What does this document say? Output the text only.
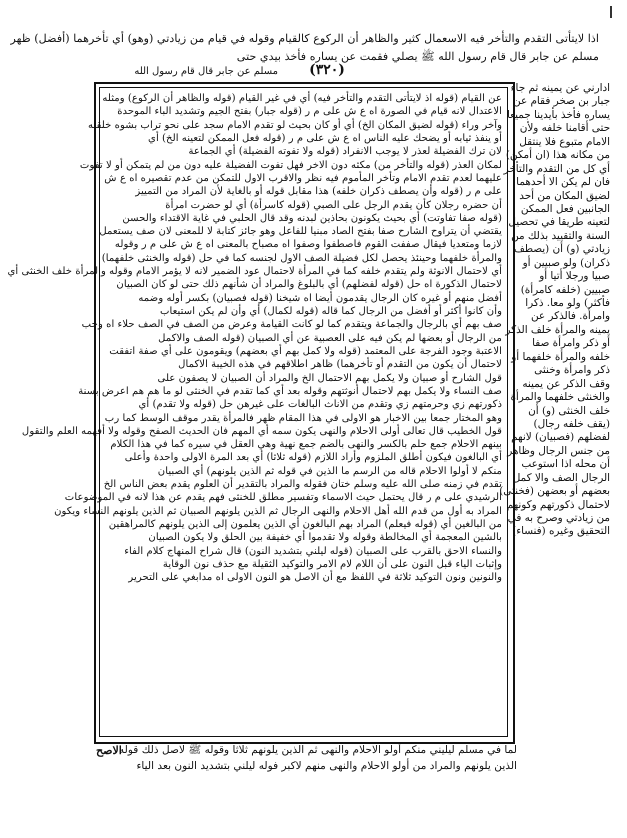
اذا لايتأتى التقدم والتأخر فيه الاسعمال كثير والظاهر أن الركوع كالقيام وقوله في قيام من زيادتي (وهو) أي تأخرهما (أفضل) ظهر
مسلم عن جابر قال قام رسول الله ﷺ يصلي فقمت عن يساره فأخذ بيدي حتى
مسلم عن جابر قال قام رسول الله	(٣٢٠)
عن القيام (قوله اذ لايتأتى التقدم والتأخر فيه) أي في غير القيام (قوله والظاهر أن الركوع) ومثله
الاعتدال لانه قيام في الصورة اه ع ش على م ر (قوله جبار) بفتح الجيم وتشديد الباء الموحدة
وآخر وراء (قوله لضيق المكان الخ) أي أو كان بحيث لو تقدم الامام سجد على نحو تراب بشوه خلقته
أو ينفذ ثيابه أو يضحك عليه الناس اه ع ش على م ر (قوله فعل الممكن لتعينه الخ) أي
لان ترك الفضيلة لعذر لا يوجب الانفراد (قوله ولا تفوته الفضيلة) أي الجماعة
لمكان العذر (قوله والتأخر من) مكثه دون الاخر فهل تفوت الفضيلة عليه دون من لم يتمكن أو لا تفوت
عليهما لعدم تقدم الامام وتأخر المأموم فيه نظر والاقرب الاول للتمكن من عدم تقصيره اه ع ش
على م ر (قوله وأن يصطف ذكران خلفه) هذا مقابل قوله أو بالغاية لأن المراد من التمييز
أن حضره رجلان كأن يقدم الرجل على الصبي (قوله كاسرأة) أي لو حضرت امرأة
(قوله صفا تفاوتت) أي بحيث يكونون بحاذين لبدنه وقد قال الحلبي في غاية الاقتداء والحسن
يقتضي أن يتراوح الشارح صفا بفتح الصاد مبنيا للفاعل وهو جائز كتابة لا للمعنى لان صف يستعمل
لازما ومتعديا فيقال صففت القوم فاصطفوا وصفوا اه مصباح بالمعنى اه ع ش على م ر وقوله
والمرأة خلفهما وحينئذ يحصل لكل فضيلة الصف الاول لجنسه كما في حل (قوله والخنثى خلفهما)
أي لاحتمال الانوثة ولم يتقدم خلفه كما في المرأة لاحتمال عود الضمير لانه لا يؤمر الامام وقوله والمرأة خلف الخنثى أي
لاحتمال الذكورة اه حل (قوله لفضلهم) أي بالبلوغ والمراد أن شأنهم ذلك حتى لو كان الصبيان
أفضل منهم أو غيره كان الرجال يقدمون أيضا اه شيخنا (قوله فصبيان) بكسر أوله وضمه
وأن كانوا أكثر أو أفضل من الرجال كما قاله (قوله لكمال) أي وأن لم يكن استيعاب
صف بهم أي بالرجال والجماعة ويتقدم كما لو كانت القيامة وعرض من الصف في الصف حلاء اه وجب
من الرجال أو بعضها لم يكن فيه على العصبية عن أي الصبيان (قوله الصف والاكمل
الاعتبة وجود الفرجة على المعتمد (قوله ولا كمل بهم أي بعضهم) ويقومون على أي صفة اتفقت
لاحتمال أن يكون من التقدم أو تأخرهما) ظاهر اطلاقهم في هذه الخيبة الاكمال
قول الشارح أو صبيان ولا يكمل بهم الاحتمال الخ والمراد أن الصبيان لا يصفون على
صف النساء ولا يكمل بهم لاحتمال أنوثتهم وقوله بعد أي كما تقدم في الخنثى لو ما هم هم اعرض بسنة
ذكورتهم زي وحرمتهم زي وتقدم من الاناث البالغات على غيرهن حل (قوله ولا تقدم) أي
وهو المختار جمعا بين الاخبار هو الاولى في هذا المقام ظهر فالمرأة يقدر موقف الوسط كما رب
قول الخطيب قال تعالى أولى الاحلام والنهى يكون سمه أي المهم فان الحديث الصفح وقوله ولا أفهمه العلم والتقول
بينهم الاحلام جمع حلم بالكسر والنهى بالضم جمع نهية وهي العقل في سيره كما في هذا الكلام
أي البالغون فيكون أطلق الملزوم وأراد اللازم (قوله ثلاثا) أي بعد المرة الاولى واحدة وأعلى
منكم لا أولوا الاحلام قاله من الرسم ما الذين في قوله ثم الذين يلونهم) أي الصبيان
تقدم في زمنه صلى الله عليه وسلم ختان فقوله والمراد بالتقدير أن العلوم يقدم بعض الناس الخ
الرشيدي على م ر قال يحتمل حيث الاسماء وتفسير مطلق للخنثى فهم يقدم عن هذا لانه في الموضوعات
المراد به أول من قدم الله أهل الاحلام والنهى الرجال ثم الذين يلونهم الصبيان ثم الذين يلونهم النساء ويكون
من البالغين أي (قوله فيعلم) المراد بهم البالغون أي الذين يعلمون إلى الذين يلونهم كالمراهقين
بالشين المعجمة أي المخالطة وقوله ولا تقدموا أي خفيفة بين الحلق ولا يكون الصبيان
والنساء الاحق بالقرب على الصبيان (قوله ليلني بتشديد النون) قال شراح المنهاج كلام الفاء
وإثبات الياء قبل النون على أن اللام لام الامر والتوكيد الثقيلة مع حذف نون الوقاية
والنونين ونون التوكيد ثلاثة في اللفظ مع أن الاصل هو النون الاولى اه مدابغي على التحرير
ادارني عن يمينه ثم جاء
جبار بن صخر فقام عن
يساره فأخذ بأيدينا جميعا
حتى أقامنا خلفه ولأن
الامام متبوع فلا ينتقل
من مكانه هذا (ان أمكن)
أي كل من التقدم والتأخر
فان لم يكن الا أحدهما
لضيق المكان من أحد
الجانبين فعل الممكن
لتعينه طريقا في تحصيل
السنة والتقييد بذلك من
زيادتي (و) أن (يصطف
ذكران) ولو صبيين أو
صبيا ورجلا أتيا أو
صبيين (خلفه كامرأة)
فأكثر) ولو معا. ذكرا
وامرأة. فالذكر عن
يمينه والمرأة خلف الذكر
أو ذكر وامرأة صفا
خلفه والمرأة خلفهما أو
ذكر وامرأة وخنثى
وقف الذكر عن يمينه
والخنثى خلفهما والمرأة
خلف الخنثى (و) أن
(يقف خلفه رجال)
لفضلهم (فصبيان) لانهم
من جنس الرجال وظاهر
أن محله اذا استوعب
الرجال الصف والا كمل
بعضهم أو بعضهن (فخنثى)
لاحتمال ذكورتهم وكونهم
من زيادتي وصرح به في
التحقيق وغيره (فنساء)
الاصح
لما في مسلم ليليني منكم أولو الاحلام والنهى ثم الذين يلونهم ثلاثا وقوله ﷺ لاصل ذلك قوله
الذين يلونهم والمراد من أولو الاحلام والنهى منهم لاكبر فوله ليلني بتشديد النون بعد الياء
